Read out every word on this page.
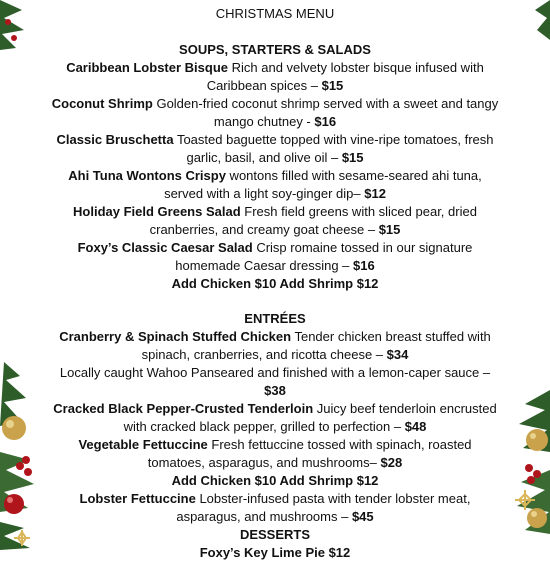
CHRISTMAS MENU
SOUPS, STARTERS & SALADS
Caribbean Lobster Bisque Rich and velvety lobster bisque infused with Caribbean spices – $15
Coconut Shrimp Golden-fried coconut shrimp served with a sweet and tangy mango chutney - $16
Classic Bruschetta Toasted baguette topped with vine-ripe tomatoes, fresh garlic, basil, and olive oil – $15
Ahi Tuna Wontons Crispy wontons filled with sesame-seared ahi tuna, served with a light soy-ginger dip– $12
Holiday Field Greens Salad Fresh field greens with sliced pear, dried cranberries, and creamy goat cheese – $15
Foxy’s Classic Caesar Salad Crisp romaine tossed in our signature homemade Caesar dressing – $16
Add Chicken $10 Add Shrimp $12
ENTRÉES
Cranberry & Spinach Stuffed Chicken Tender chicken breast stuffed with spinach, cranberries, and ricotta cheese – $34
Locally caught Wahoo Panseared and finished with a lemon-caper sauce – $38
Cracked Black Pepper-Crusted Tenderloin Juicy beef tenderloin encrusted with cracked black pepper, grilled to perfection – $48
Vegetable Fettuccine Fresh fettuccine tossed with spinach, roasted tomatoes, asparagus, and mushrooms– $28
Add Chicken $10 Add Shrimp $12
Lobster Fettuccine Lobster-infused pasta with tender lobster meat, asparagus, and mushrooms – $45
DESSERTS
Foxy’s Key Lime Pie $12
